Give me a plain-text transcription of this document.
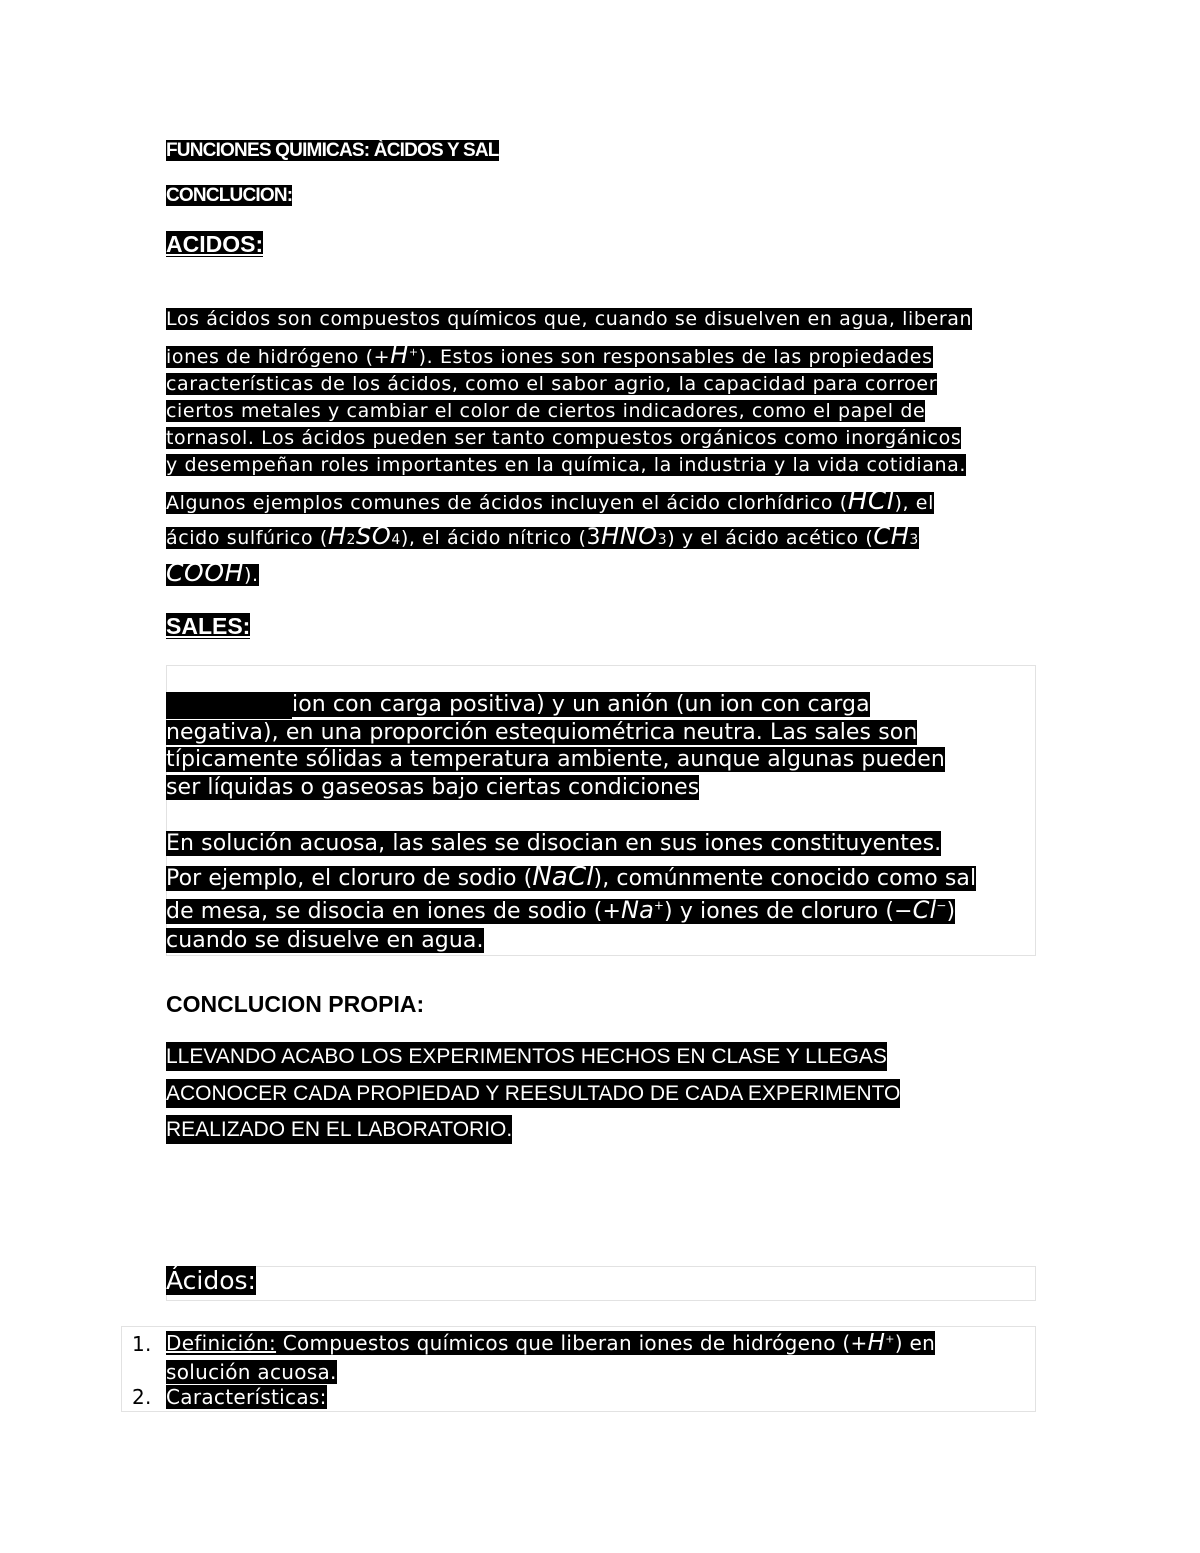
FUNCIONES QUIMICAS: ÀCIDOS Y SAL
CONCLUCION:
ACIDOS:
Los ácidos son compuestos químicos que, cuando se disuelven en agua, liberan
iones de hidrógeno (+H+). Estos iones son responsables de las propiedades
características de los ácidos, como el sabor agrio, la capacidad para corroer
ciertos metales y cambiar el color de ciertos indicadores, como el papel de
tornasol. Los ácidos pueden ser tanto compuestos orgánicos como inorgánicos
y desempeñan roles importantes en la química, la industria y la vida cotidiana.
Algunos ejemplos comunes de ácidos incluyen el ácido clorhídrico (HCl), el
ácido sulfúrico (H2SO4), el ácido nítrico (3HNO3) y el ácido acético (CH3
COOH).
SALES:
ion con carga positiva) y un anión (un ion con carga
negativa), en una proporción estequiométrica neutra. Las sales son
típicamente sólidas a temperatura ambiente, aunque algunas pueden
ser líquidas o gaseosas bajo ciertas condiciones
En solución acuosa, las sales se disocian en sus iones constituyentes.
Por ejemplo, el cloruro de sodio (NaCl), comúnmente conocido como sal
de mesa, se disocia en iones de sodio (+Na+) y iones de cloruro (−Cl−)
cuando se disuelve en agua.
CONCLUCION PROPIA:
LLEVANDO ACABO LOS EXPERIMENTOS HECHOS EN CLASE Y LLEGAS
ACONOCER CADA PROPIEDAD Y REESULTADO DE CADA EXPERIMENTO
REALIZADO EN EL LABORATORIO.
Ácidos:
1. Definición: Compuestos químicos que liberan iones de hidrógeno (+H+) en
solución acuosa.
2. Características:
